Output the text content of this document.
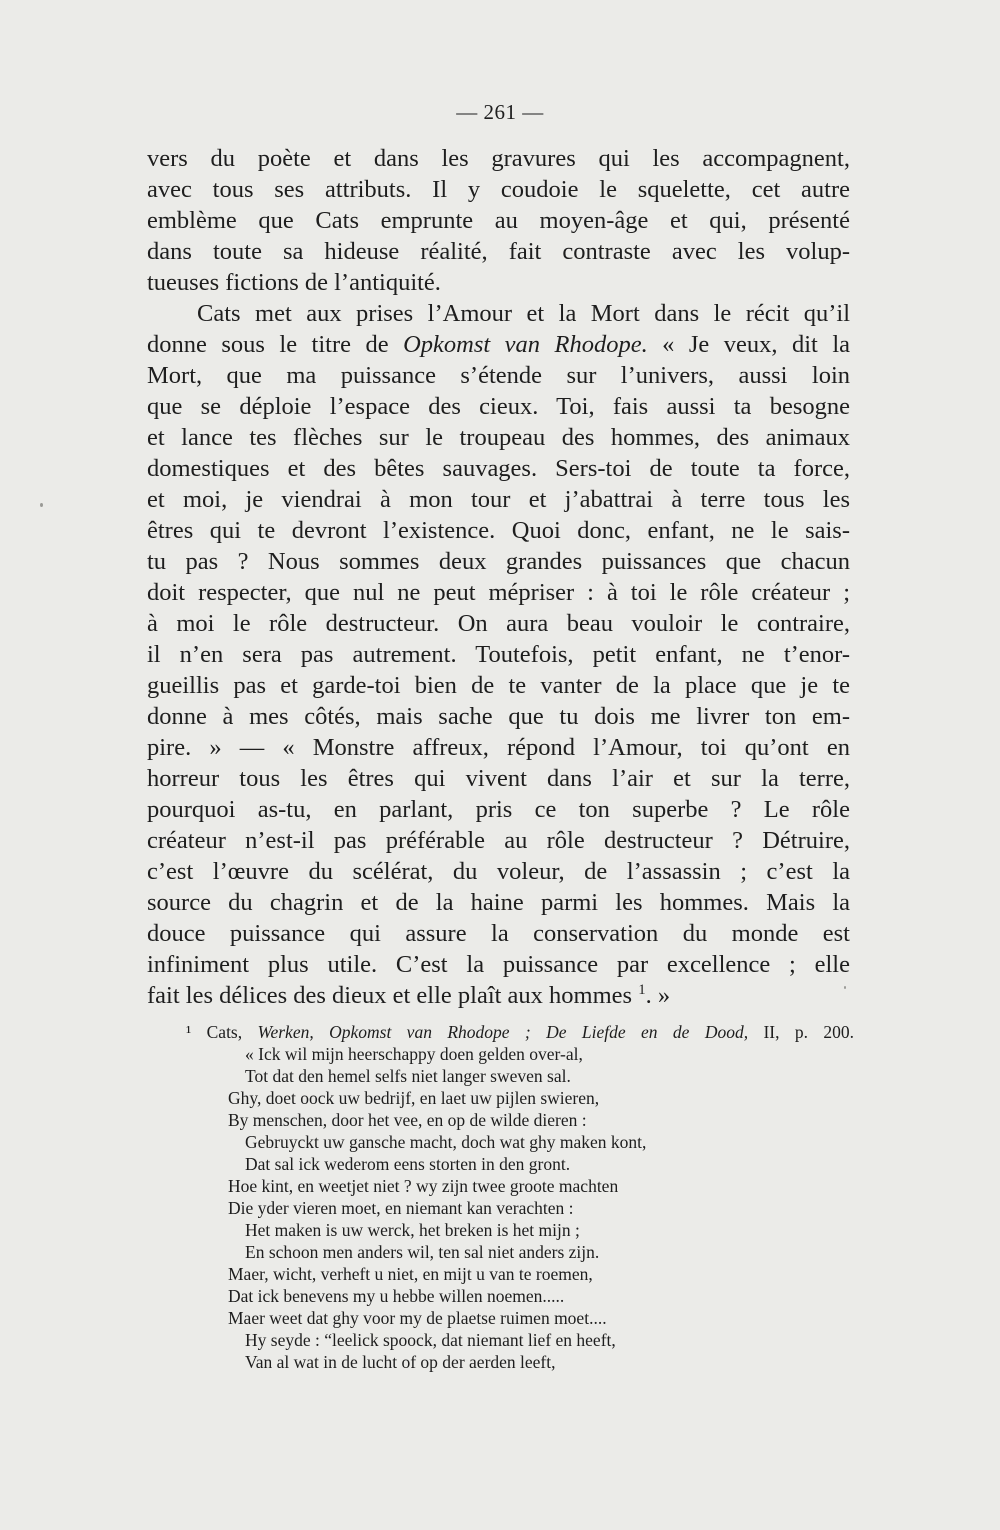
— 261 —
vers du poète et dans les gravures qui les accompagnent,
avec tous ses attributs. Il y coudoie le squelette, cet autre
emblème que Cats emprunte au moyen-âge et qui, présenté
dans toute sa hideuse réalité, fait contraste avec les volup-
tueuses fictions de l’antiquité.
Cats met aux prises l’Amour et la Mort dans le récit qu’il
donne sous le titre de Opkomst van Rhodope. « Je veux, dit la
Mort, que ma puissance s’étende sur l’univers, aussi loin
que se déploie l’espace des cieux. Toi, fais aussi ta besogne
et lance tes flèches sur le troupeau des hommes, des animaux
domestiques et des bêtes sauvages. Sers-toi de toute ta force,
et moi, je viendrai à mon tour et j’abattrai à terre tous les
êtres qui te devront l’existence. Quoi donc, enfant, ne le sais-
tu pas ? Nous sommes deux grandes puissances que chacun
doit respecter, que nul ne peut mépriser : à toi le rôle créateur ;
à moi le rôle destructeur. On aura beau vouloir le contraire,
il n’en sera pas autrement. Toutefois, petit enfant, ne t’enor-
gueillis pas et garde-toi bien de te vanter de la place que je te
donne à mes côtés, mais sache que tu dois me livrer ton em-
pire. » — « Monstre affreux, répond l’Amour, toi qu’ont en
horreur tous les êtres qui vivent dans l’air et sur la terre,
pourquoi as-tu, en parlant, pris ce ton superbe ? Le rôle
créateur n’est-il pas préférable au rôle destructeur ? Détruire,
c’est l’œuvre du scélérat, du voleur, de l’assassin ; c’est la
source du chagrin et de la haine parmi les hommes. Mais la
douce puissance qui assure la conservation du monde est
infiniment plus utile. C’est la puissance par excellence ; elle
fait les délices des dieux et elle plaît aux hommes $^1$. »
¹ Cats, Werken, Opkomst van Rhodope ; De Liefde en de Dood, II, p. 200.
« Ick wil mijn heerschappy doen gelden over-al,
Tot dat den hemel selfs niet langer sweven sal.
Ghy, doet oock uw bedrijf, en laet uw pijlen swieren,
By menschen, door het vee, en op de wilde dieren :
Gebruyckt uw gansche macht, doch wat ghy maken kont,
Dat sal ick wederom eens storten in den gront.
Hoe kint, en weetjet niet ? wy zijn twee groote machten
Die yder vieren moet, en niemant kan verachten :
Het maken is uw werck, het breken is het mijn ;
En schoon men anders wil, ten sal niet anders zijn.
Maer, wicht, verheft u niet, en mijt u van te roemen,
Dat ick benevens my u hebbe willen noemen.....
Maer weet dat ghy voor my de plaetse ruimen moet....
Hy seyde : “leelick spoock, dat niemant lief en heeft,
Van al wat in de lucht of op der aerden leeft,
